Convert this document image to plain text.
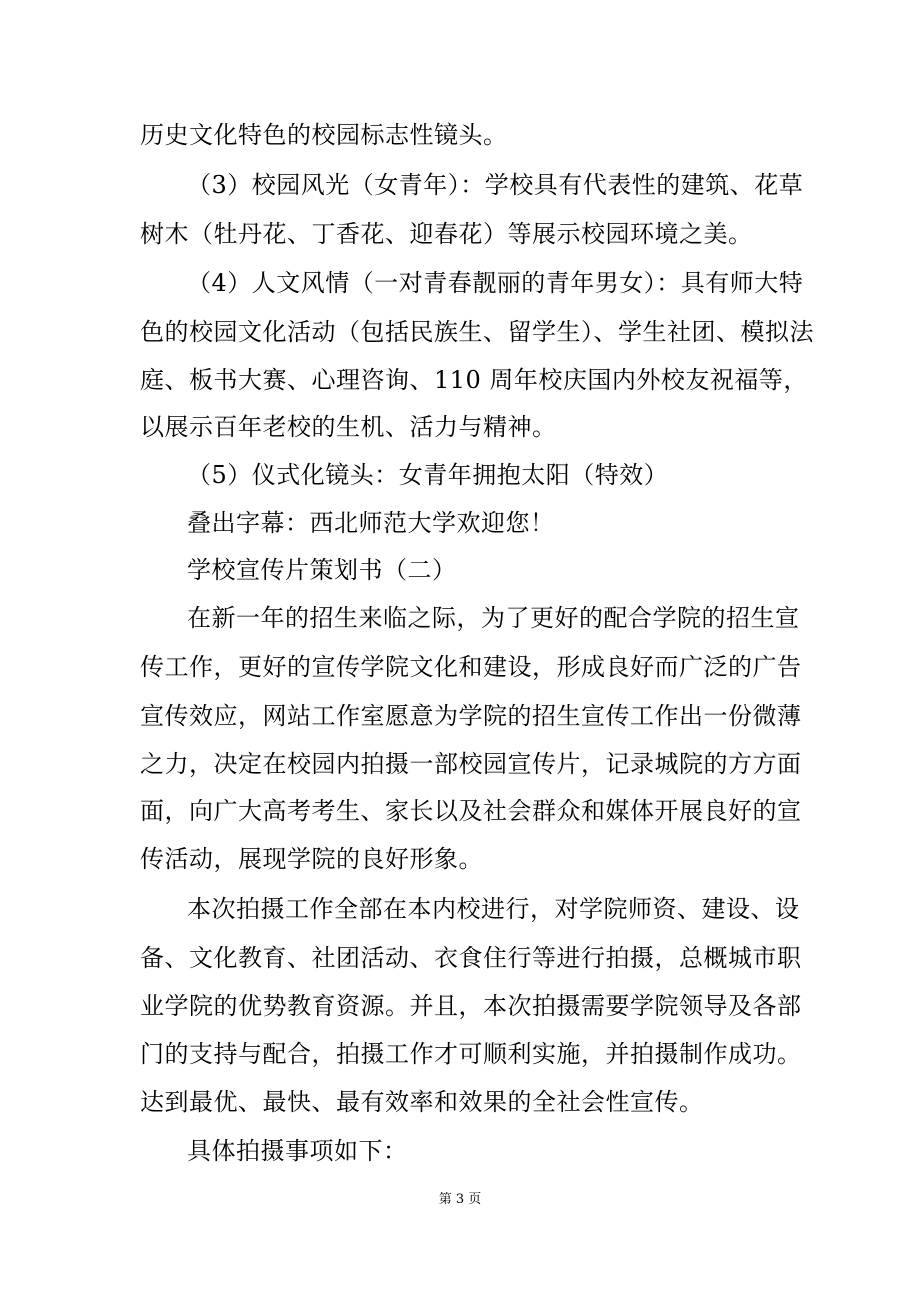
历史文化特色的校园标志性镜头。
（3）校园风光（女青年）：学校具有代表性的建筑、花草
树木（牡丹花、丁香花、迎春花）等展示校园环境之美。
（4）人文风情（一对青春靓丽的青年男女）：具有师大特
色的校园文化活动（包括民族生、留学生）、学生社团、模拟法
庭、板书大赛、心理咨询、110 周年校庆国内外校友祝福等，
以展示百年老校的生机、活力与精神。
（5）仪式化镜头：女青年拥抱太阳（特效）
叠出字幕：西北师范大学欢迎您！
学校宣传片策划书（二）
在新一年的招生来临之际，为了更好的配合学院的招生宣
传工作，更好的宣传学院文化和建设，形成良好而广泛的广告
宣传效应，网站工作室愿意为学院的招生宣传工作出一份微薄
之力，决定在校园内拍摄一部校园宣传片，记录城院的方方面
面，向广大高考考生、家长以及社会群众和媒体开展良好的宣
传活动，展现学院的良好形象。
本次拍摄工作全部在本内校进行，对学院师资、建设、设
备、文化教育、社团活动、衣食住行等进行拍摄，总概城市职
业学院的优势教育资源。并且，本次拍摄需要学院领导及各部
门的支持与配合，拍摄工作才可顺利实施，并拍摄制作成功。
达到最优、最快、最有效率和效果的全社会性宣传。
具体拍摄事项如下：
第 3 页
